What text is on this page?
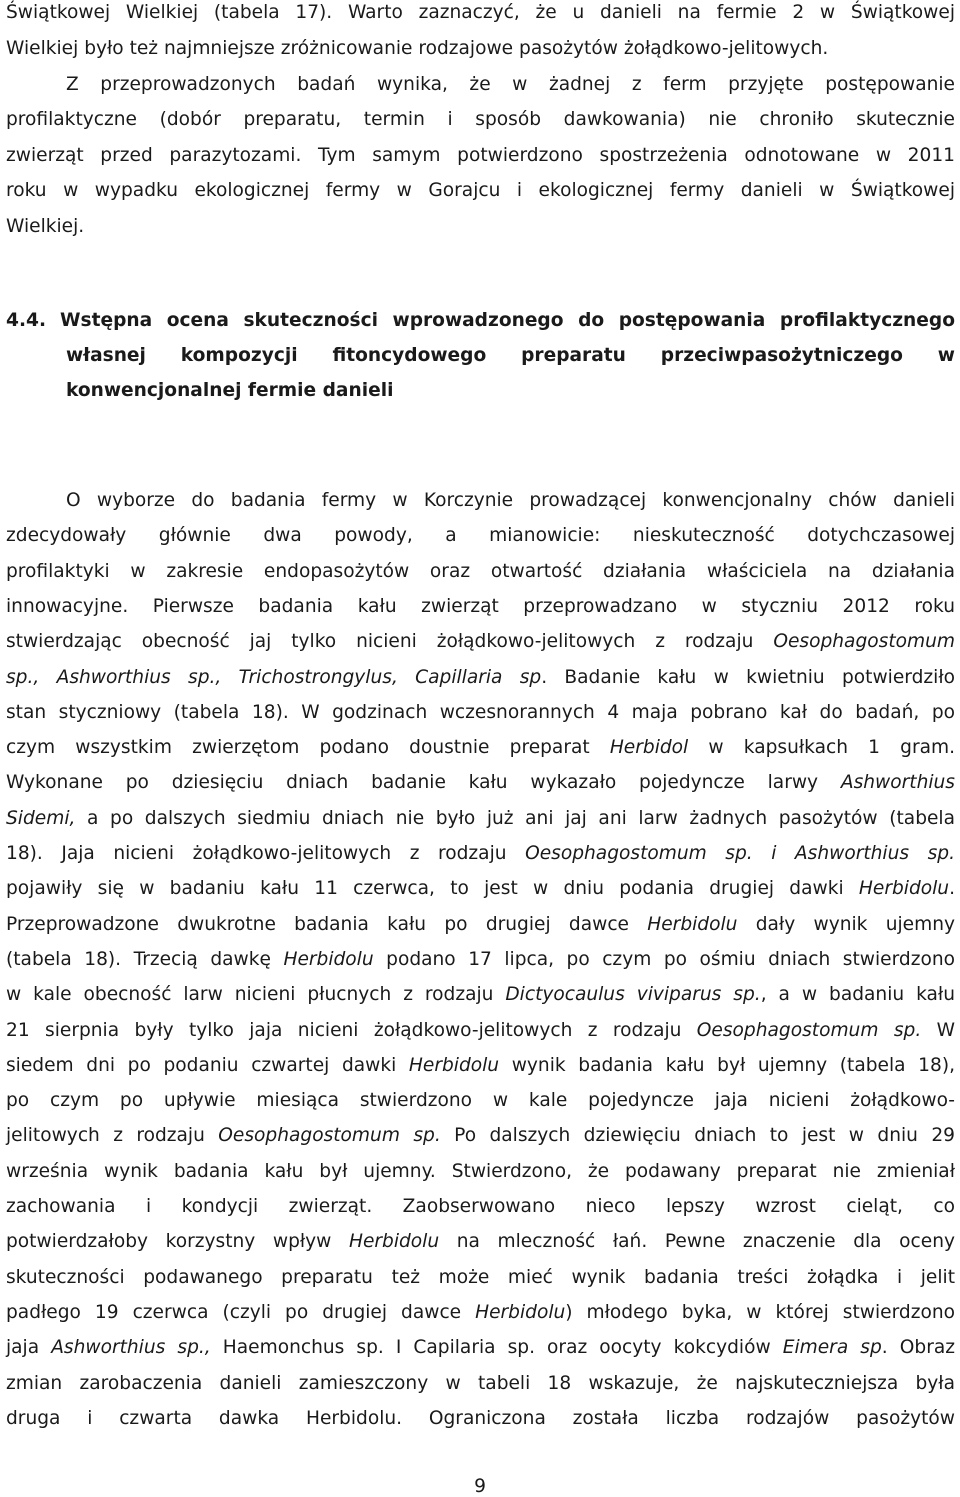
Świątkowej Wielkiej (tabela 17). Warto zaznaczyć, że u danieli na fermie 2 w Świątkowej
Wielkiej było też najmniejsze zróżnicowanie rodzajowe pasożytów żołądkowo-jelitowych.
Z przeprowadzonych badań wynika, że w żadnej z ferm przyjęte postępowanie
profilaktyczne (dobór preparatu, termin i sposób dawkowania) nie chroniło skutecznie
zwierząt przed parazytozami. Tym samym potwierdzono spostrzeżenia odnotowane w 2011
roku w wypadku ekologicznej fermy w Gorajcu i ekologicznej fermy danieli w Świątkowej
Wielkiej.
4.4. Wstępna ocena skuteczności wprowadzonego do postępowania profilaktycznego
własnej kompozycji fitoncydowego preparatu przeciwpasożytniczego w
konwencjonalnej fermie danieli
O wyborze do badania fermy w Korczynie prowadzącej konwencjonalny chów danieli
zdecydowały głównie dwa powody, a mianowicie: nieskuteczność dotychczasowej
profilaktyki w zakresie endopasożytów oraz otwartość działania właściciela na działania
innowacyjne. Pierwsze badania kału zwierząt przeprowadzano w styczniu 2012 roku
stwierdzając obecność jaj tylko nicieni żołądkowo-jelitowych z rodzaju Oesophagostomum
sp., Ashworthius sp., Trichostrongylus, Capillaria sp. Badanie kału w kwietniu potwierdziło
stan styczniowy (tabela 18). W godzinach wczesnorannych 4 maja pobrano kał do badań, po
czym wszystkim zwierzętom podano doustnie preparat Herbidol w kapsułkach 1 gram.
Wykonane po dziesięciu dniach badanie kału wykazało pojedyncze larwy Ashworthius
Sidemi, a po dalszych siedmiu dniach nie było już ani jaj ani larw żadnych pasożytów (tabela
18). Jaja nicieni żołądkowo-jelitowych z rodzaju Oesophagostomum sp. i Ashworthius sp.
pojawiły się w badaniu kału 11 czerwca, to jest w dniu podania drugiej dawki Herbidolu.
Przeprowadzone dwukrotne badania kału po drugiej dawce Herbidolu dały wynik ujemny
(tabela 18). Trzecią dawkę Herbidolu podano 17 lipca, po czym po ośmiu dniach stwierdzono
w kale obecność larw nicieni płucnych z rodzaju Dictyocaulus viviparus sp., a w badaniu kału
21 sierpnia były tylko jaja nicieni żołądkowo-jelitowych z rodzaju Oesophagostomum sp. W
siedem dni po podaniu czwartej dawki Herbidolu wynik badania kału był ujemny (tabela 18),
po czym po upływie miesiąca stwierdzono w kale pojedyncze jaja nicieni żołądkowo-
jelitowych z rodzaju Oesophagostomum sp. Po dalszych dziewięciu dniach to jest w dniu 29
września wynik badania kału był ujemny. Stwierdzono, że podawany preparat nie zmieniał
zachowania i kondycji zwierząt. Zaobserwowano nieco lepszy wzrost cieląt, co
potwierdzałoby korzystny wpływ Herbidolu na mleczność łań. Pewne znaczenie dla oceny
skuteczności podawanego preparatu też może mieć wynik badania treści żołądka i jelit
padłego 19 czerwca (czyli po drugiej dawce Herbidolu) młodego byka, w której stwierdzono
jaja Ashworthius sp., Haemonchus sp. I Capilaria sp. oraz oocyty kokcydiów Eimera sp. Obraz
zmian zarobaczenia danieli zamieszczony w tabeli 18 wskazuje, że najskuteczniejsza była
druga i czwarta dawka Herbidolu. Ograniczona została liczba rodzajów pasożytów
9
